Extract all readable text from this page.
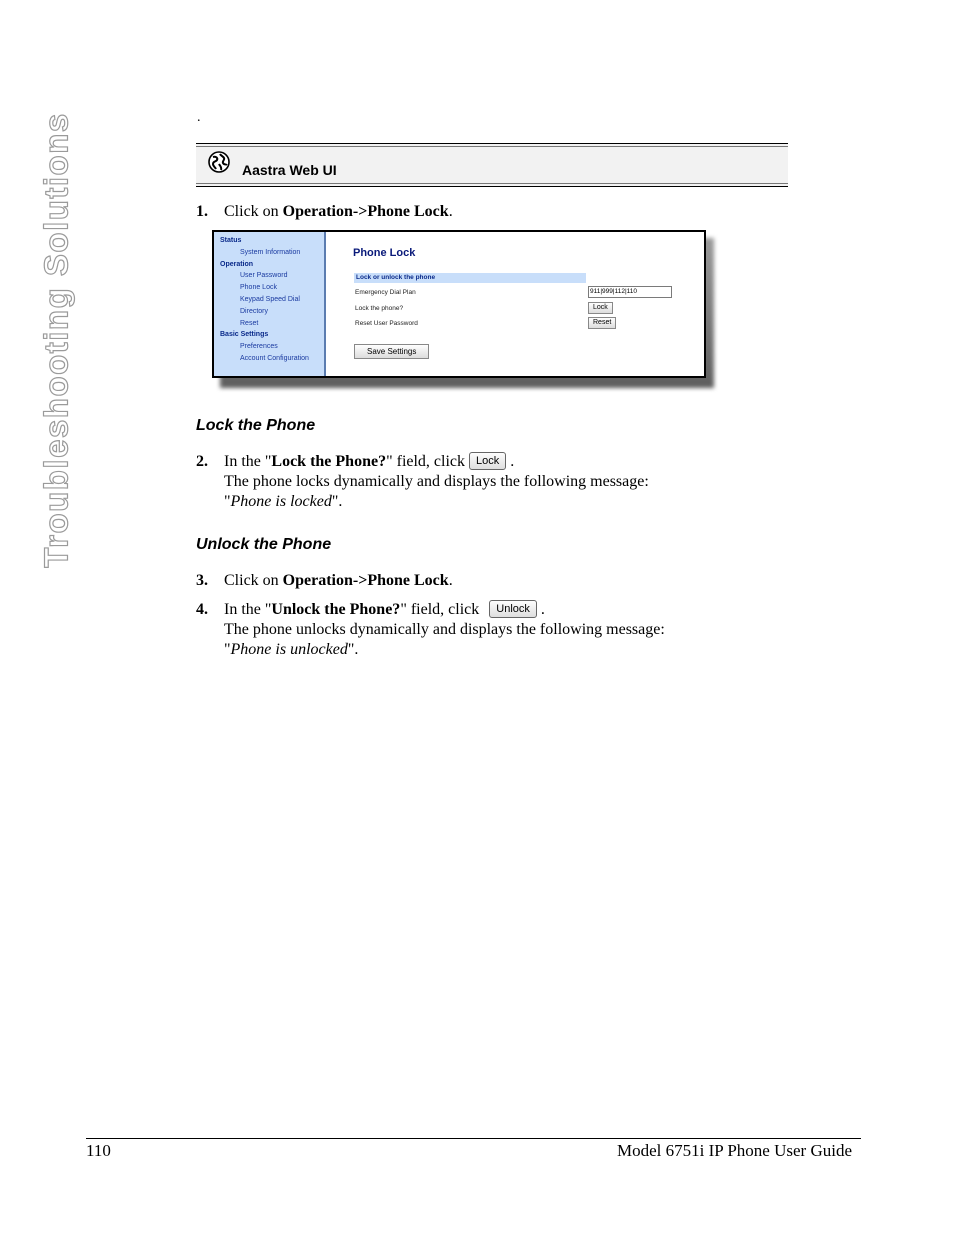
Troubleshooting Solutions	.
Aastra Web UI
1. Click on Operation->Phone Lock.
Status
System Information
Operation
User Password
Phone Lock
Keypad Speed Dial
Directory
Reset
Basic Settings
Preferences
Account Configuration
Phone Lock
Lock or unlock the phone
Emergency Dial Plan	911|999|112|110
Lock the phone?	Lock
Reset User Password	Reset
Save Settings
Lock the Phone
2. In the "Lock the Phone?" field, click Lock .
The phone locks dynamically and displays the following message:
"Phone is locked".
Unlock the Phone
3. Click on Operation->Phone Lock.
4. In the "Unlock the Phone?" field, click Unlock .
The phone unlocks dynamically and displays the following message:
"Phone is unlocked".
110	Model 6751i IP Phone User Guide
